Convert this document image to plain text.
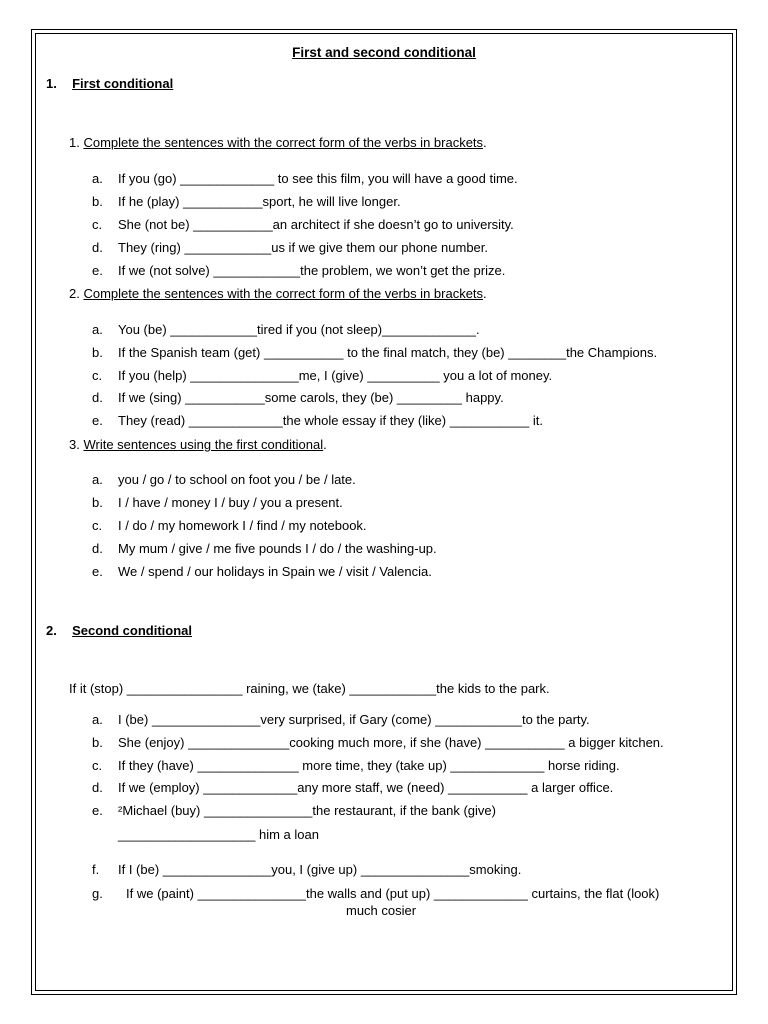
First and second conditional
1. First conditional
1. Complete the sentences with the correct form of the verbs in brackets.
a. If you (go) _____________ to see this film, you will have a good time.
b. If he (play) ___________sport, he will live longer.
c. She (not be) ___________an architect if she doesn’t go to university.
d. They (ring) ____________us if we give them our phone number.
e. If we (not solve) ____________the problem, we won’t get the prize.
2. Complete the sentences with the correct form of the verbs in brackets.
a. You (be) ____________tired if you (not sleep)_____________.
b. If the Spanish team (get) ___________ to the final match, they (be) ________the Champions.
c. If you (help) _______________me, I (give) __________ you a lot of money.
d. If we (sing) ___________some carols, they (be) _________ happy.
e. They (read) _____________the whole essay if they (like) ___________ it.
3. Write sentences using the first conditional.
a. you / go / to school on foot you / be / late.
b. I / have / money I / buy / you a present.
c. I / do / my homework I / find / my notebook.
d. My mum / give / me five pounds I / do / the washing-up.
e. We / spend / our holidays in Spain we / visit / Valencia.
2. Second conditional
If it (stop) ________________ raining, we (take) ____________the kids to the park.
a. I (be) _______________very surprised, if Gary (come) ____________to the party.
b. She (enjoy) ______________cooking much more, if she (have) ___________ a bigger kitchen.
c. If they (have) ______________ more time, they (take up) _____________ horse riding.
d. If we (employ) _____________any more staff, we (need) ___________ a larger office.
e. ²Michael (buy) _______________the restaurant, if the bank (give)
___________________ him a loan
f. If I (be) _______________you, I (give up) _______________smoking.
g. If we (paint) _______________the walls and (put up) _____________ curtains, the flat (look)
much cosier
